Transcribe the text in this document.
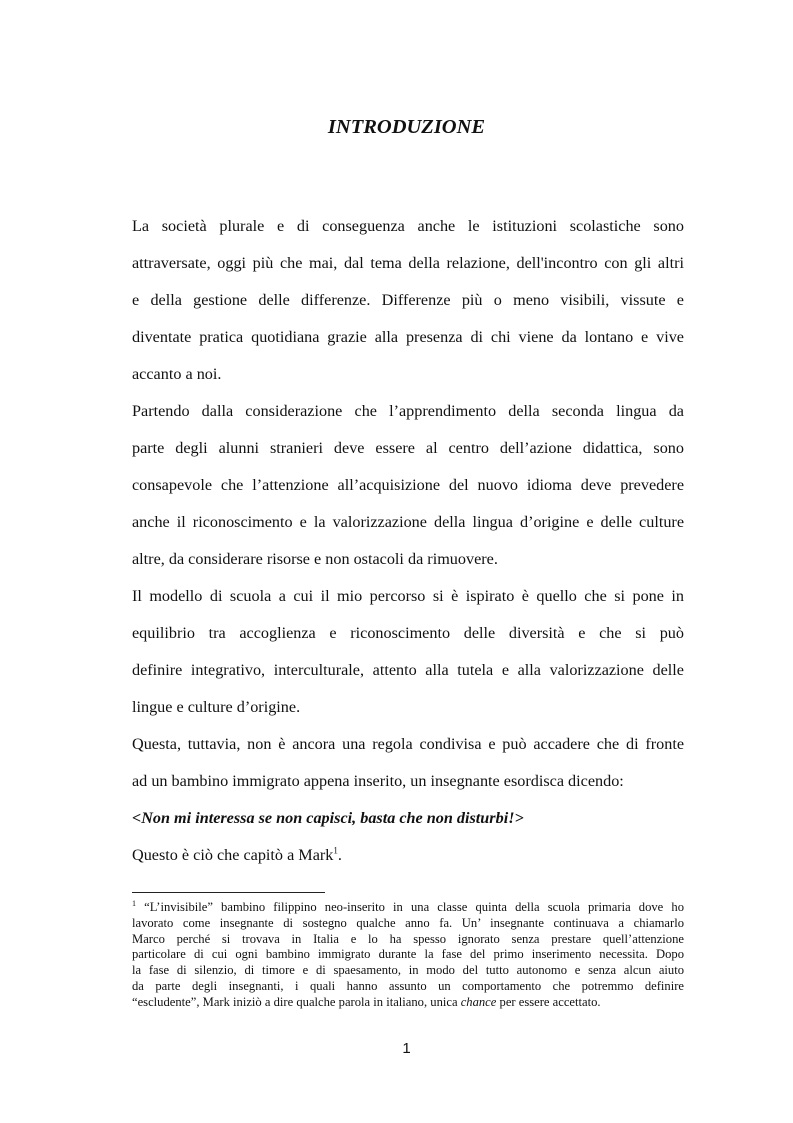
INTRODUZIONE

La società plurale e di conseguenza anche le istituzioni scolastiche sono
attraversate, oggi più che mai, dal tema della relazione, dell'incontro con gli altri
e della gestione delle differenze. Differenze più o meno visibili, vissute e
diventate pratica quotidiana grazie alla presenza di chi viene da lontano e vive
accanto a noi.

Partendo dalla considerazione che l’apprendimento della seconda lingua da
parte degli alunni stranieri deve essere al centro dell’azione didattica, sono
consapevole che l’attenzione all’acquisizione del nuovo idioma deve prevedere
anche il riconoscimento e la valorizzazione della lingua d’origine e delle culture
altre, da considerare risorse e non ostacoli da rimuovere.

Il modello di scuola a cui il mio percorso si è ispirato è quello che si pone in
equilibrio tra accoglienza e riconoscimento delle diversità e che si può
definire integrativo, interculturale, attento alla tutela e alla valorizzazione delle
lingue e culture d’origine.

Questa, tuttavia, non è ancora una regola condivisa e può accadere che di fronte
ad un bambino immigrato appena inserito, un insegnante esordisca dicendo:

<Non mi interessa se non capisci, basta che non disturbi!>

Questo è ciò che capitò a Mark$^1$.

$^1$ “L’invisibile” bambino filippino neo-inserito in una classe quinta della scuola primaria dove ho
lavorato come insegnante di sostegno qualche anno fa. Un’ insegnante continuava a chiamarlo
Marco perché si trovava in Italia e lo ha spesso ignorato senza prestare quell’attenzione
particolare di cui ogni bambino immigrato durante la fase del primo inserimento necessita. Dopo
la fase di silenzio, di timore e di spaesamento, in modo del tutto autonomo e senza alcun aiuto
da parte degli insegnanti, i quali hanno assunto un comportamento che potremmo definire
“escludente”, Mark iniziò a dire qualche parola in italiano, unica chance per essere accettato.
1
